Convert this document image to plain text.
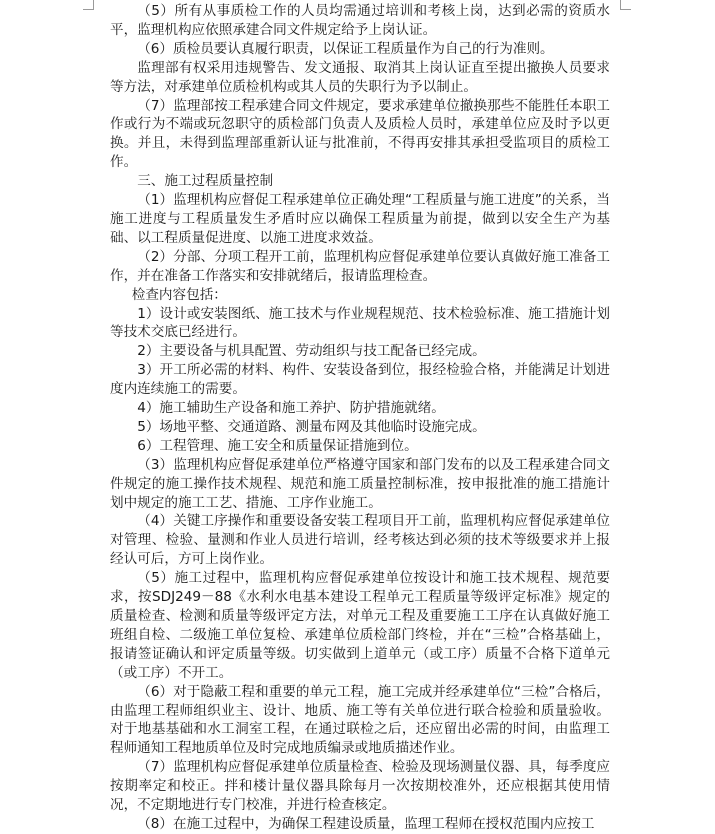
（5）所有从事质检工作的人员均需通过培训和考核上岗，达到必需的资质水平，监理机构应依照承建合同文件规定给予上岗认证。

（6）质检员要认真履行职责，以保证工程质量作为自己的行为准则。

监理部有权采用违规警告、发文通报、取消其上岗认证直至提出撤换人员要求等方法，对承建单位质检机构或其人员的失职行为予以制止。

（7）监理部按工程承建合同文件规定，要求承建单位撤换那些不能胜任本职工作或行为不端或玩忽职守的质检部门负责人及质检人员时，承建单位应及时予以更换。并且，未得到监理部重新认证与批准前，不得再安排其承担受监项目的质检工作。

三、施工过程质量控制

（1）监理机构应督促工程承建单位正确处理“工程质量与施工进度”的关系，当施工进度与工程质量发生矛盾时应以确保工程质量为前提，做到以安全生产为基础、以工程质量促进度、以施工进度求效益。

（2）分部、分项工程开工前，监理机构应督促承建单位要认真做好施工准备工作，并在准备工作落实和安排就绪后，报请监理检查。

检查内容包括：

1）设计或安装图纸、施工技术与作业规程规范、技术检验标准、施工措施计划等技术交底已经进行。

2）主要设备与机具配置、劳动组织与技工配备已经完成。

3）开工所必需的材料、构件、安装设备到位，报经检验合格，并能满足计划进度内连续施工的需要。

4）施工辅助生产设备和施工养护、防护措施就绪。

5）场地平整、交通道路、测量布网及其他临时设施完成。

6）工程管理、施工安全和质量保证措施到位。

（3）监理机构应督促承建单位严格遵守国家和部门发布的以及工程承建合同文件规定的施工操作技术规程、规范和施工质量控制标准，按申报批准的施工措施计划中规定的施工工艺、措施、工序作业施工。

（4）关键工序操作和重要设备安装工程项目开工前，监理机构应督促承建单位对管理、检验、量测和作业人员进行培训，经考核达到必须的技术等级要求并上报经认可后，方可上岗作业。

（5）施工过程中，监理机构应督促承建单位按设计和施工技术规程、规范要求，按SDJ249－88《水利水电基本建设工程单元工程质量等级评定标准》规定的质量检查、检测和质量等级评定方法，对单元工程及重要施工工序在认真做好施工班组自检、二级施工单位复检、承建单位质检部门终检，并在“三检”合格基础上，报请签证确认和评定质量等级。切实做到上道单元（或工序）质量不合格下道单元（或工序）不开工。

（6）对于隐蔽工程和重要的单元工程，施工完成并经承建单位“三检”合格后，由监理工程师组织业主、设计、地质、施工等有关单位进行联合检验和质量验收。对于地基基础和水工洞室工程，在通过联检之后，还应留出必需的时间，由监理工程师通知工程地质单位及时完成地质编录或地质描述作业。

（7）监理机构应督促承建单位质量检查、检验及现场测量仪器、具，每季度应按期率定和校正。拌和楼计量仪器具除每月一次按期校准外，还应根据其使用情况，不定期地进行专门校准，并进行检查核定。

（8）在施工过程中，为确保工程建设质量，监理工程师在授权范围内应按工
